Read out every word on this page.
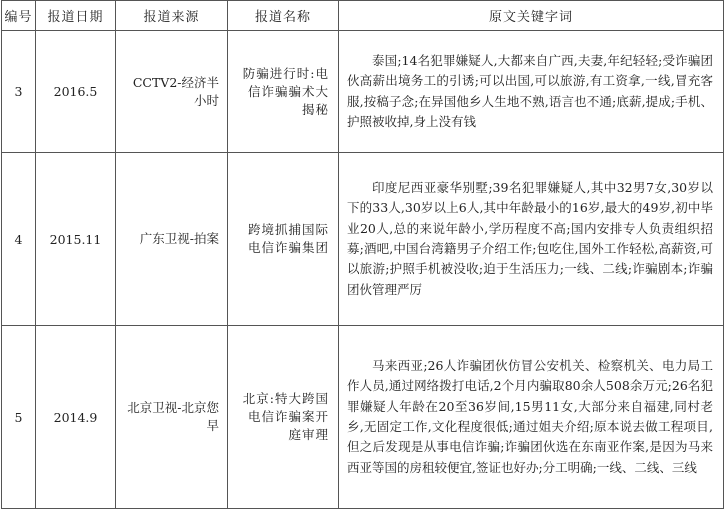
编号	报道日期	报道来源	报道名称	原文关键字词
3	2016.5	CCTV2-经济半小时	防骗进行时:电信诈骗骗术大揭秘	泰国;14名犯罪嫌疑人,大都来自广西,夫妻,年纪轻轻;受诈骗团伙高薪出境务工的引诱;可以出国,可以旅游,有工资拿,一线,冒充客服,按稿子念;在异国他乡人生地不熟,语言也不通;底薪,提成;手机、护照被收掉,身上没有钱

4	2015.11	广东卫视-拍案	跨境抓捕国际电信诈骗集团	印度尼西亚豪华别墅;39名犯罪嫌疑人,其中32男7女,30岁以下的33人,30岁以上6人,其中年龄最小的16岁,最大的49岁,初中毕业20人,总的来说年龄小,学历程度不高;国内安排专人负责组织招募;酒吧,中国台湾籍男子介绍工作;包吃住,国外工作轻松,高薪资,可以旅游;护照手机被没收;迫于生活压力;一线、二线;诈骗剧本;诈骗团伙管理严厉

5	2014.9	北京卫视-北京您早	北京:特大跨国电信诈骗案开庭审理	马来西亚;26人诈骗团伙仿冒公安机关、检察机关、电力局工作人员,通过网络拨打电话,2个月内骗取80余人508余万元;26名犯罪嫌疑人年龄在20至36岁间,15男11女,大部分来自福建,同村老乡,无固定工作,文化程度很低;通过姐夫介绍;原本说去做工程项目,但之后发现是从事电信诈骗;诈骗团伙选在东南亚作案,是因为马来西亚等国的房租较便宜,签证也好办;分工明确;一线、二线、三线
